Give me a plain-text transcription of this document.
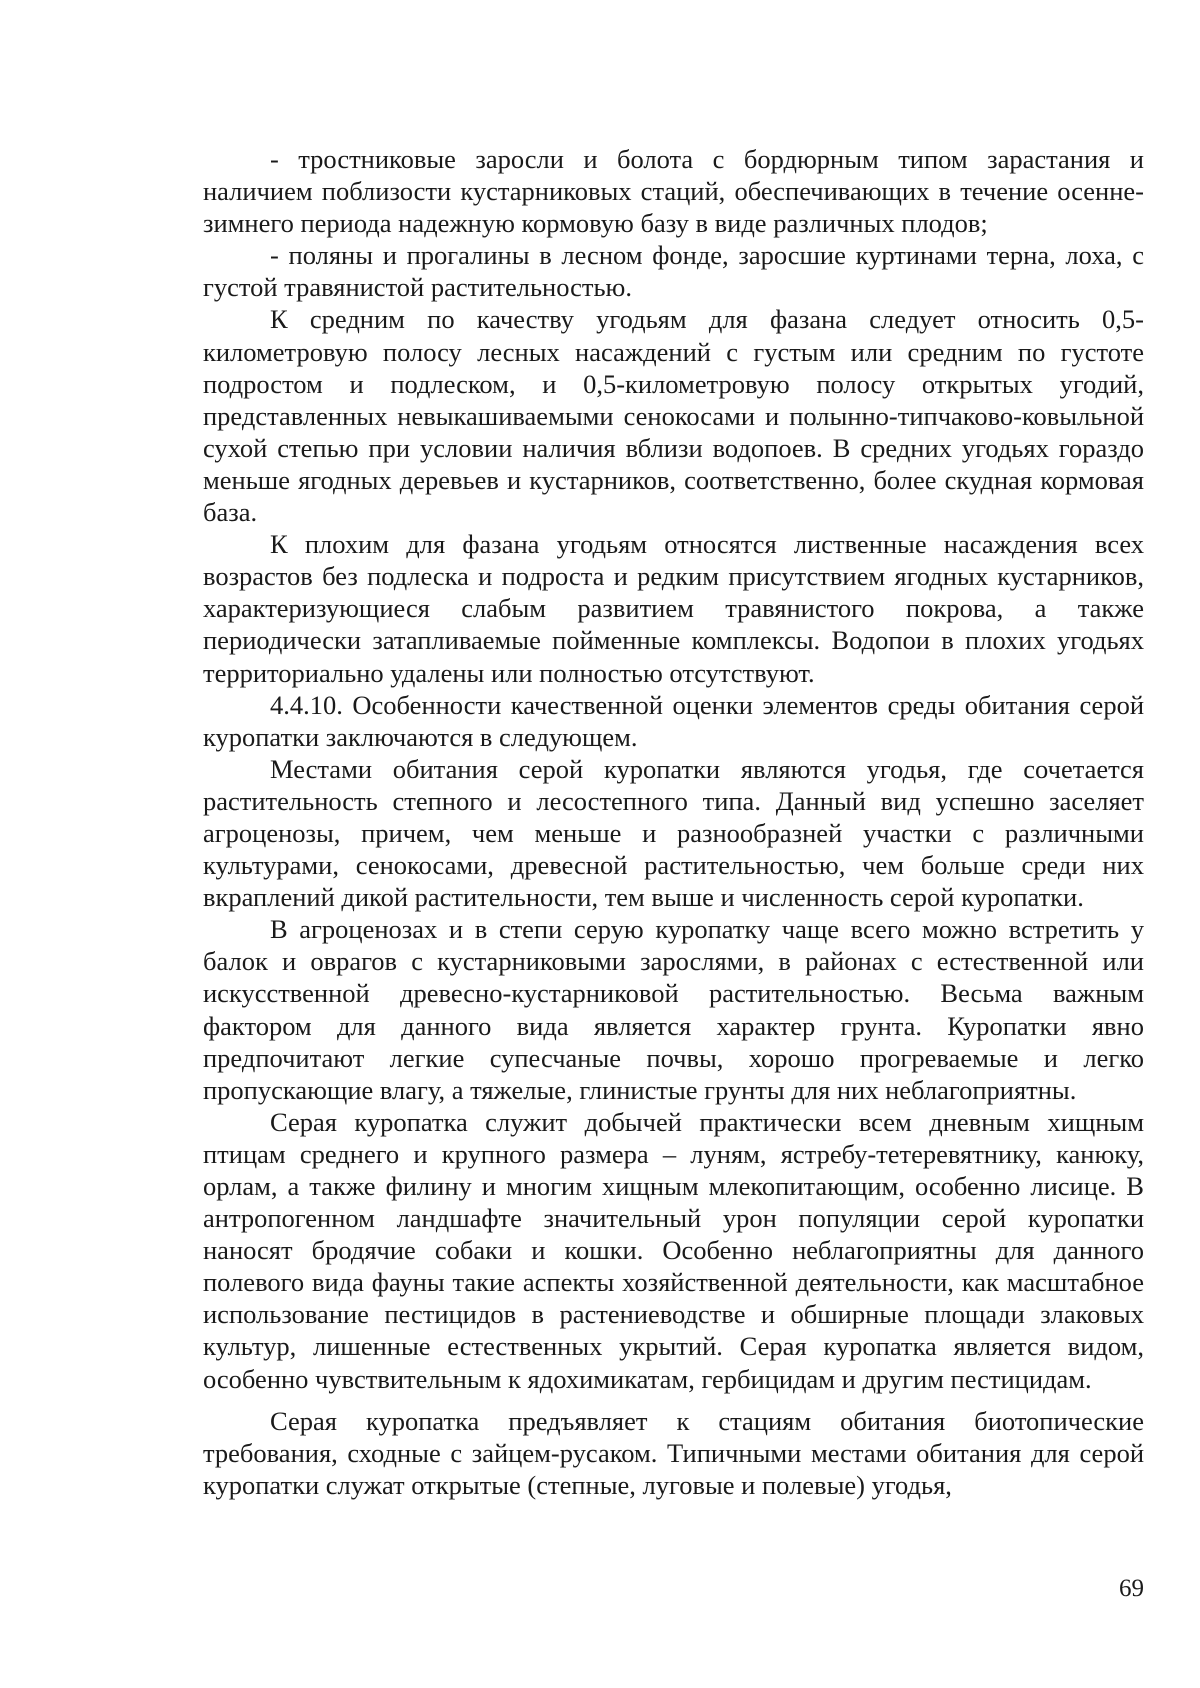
- тростниковые заросли и болота с бордюрным типом зарастания и наличием поблизости кустарниковых стаций, обеспечивающих в течение осенне-зимнего периода надежную кормовую базу в виде различных плодов;

- поляны и прогалины в лесном фонде, заросшие куртинами терна, лоха, с густой травянистой растительностью.

К средним по качеству угодьям для фазана следует относить 0,5-километровую полосу лесных насаждений с густым или средним по густоте подростом и подлеском, и 0,5-километровую полосу открытых угодий, представленных невыкашиваемыми сенокосами и полынно-типчаково-ковыльной сухой степью при условии наличия вблизи водопоев. В средних угодьях гораздо меньше ягодных деревьев и кустарников, соответственно, более скудная кормовая база.

К плохим для фазана угодьям относятся лиственные насаждения всех возрастов без подлеска и подроста и редким присутствием ягодных кустарников, характеризующиеся слабым развитием травянистого покрова, а также периодически затапливаемые пойменные комплексы. Водопои в плохих угодьях территориально удалены или полностью отсутствуют.

4.4.10. Особенности качественной оценки элементов среды обитания серой куропатки заключаются в следующем.

Местами обитания серой куропатки являются угодья, где сочетается растительность степного и лесостепного типа. Данный вид успешно заселяет агроценозы, причем, чем меньше и разнообразней участки с различными культурами, сенокосами, древесной растительностью, чем больше среди них вкраплений дикой растительности, тем выше и численность серой куропатки.

В агроценозах и в степи серую куропатку чаще всего можно встретить у балок и оврагов с кустарниковыми зарослями, в районах с естественной или искусственной древесно-кустарниковой растительностью. Весьма важным фактором для данного вида является характер грунта. Куропатки явно предпочитают легкие супесчаные почвы, хорошо прогреваемые и легко пропускающие влагу, а тяжелые, глинистые грунты для них неблагоприятны.

Серая куропатка служит добычей практически всем дневным хищным птицам среднего и крупного размера – луням, ястребу-тетеревятнику, канюку, орлам, а также филину и многим хищным млекопитающим, особенно лисице. В антропогенном ландшафте значительный урон популяции серой куропатки наносят бродячие собаки и кошки. Особенно неблагоприятны для данного полевого вида фауны такие аспекты хозяйственной деятельности, как масштабное использование пестицидов в растениеводстве и обширные площади злаковых культур, лишенные естественных укрытий. Серая куропатка является видом, особенно чувствительным к ядохимикатам, гербицидам и другим пестицидам.

Серая куропатка предъявляет к стациям обитания биотопические требования, сходные с зайцем-русаком. Типичными местами обитания для серой куропатки служат открытые (степные, луговые и полевые) угодья,

69
